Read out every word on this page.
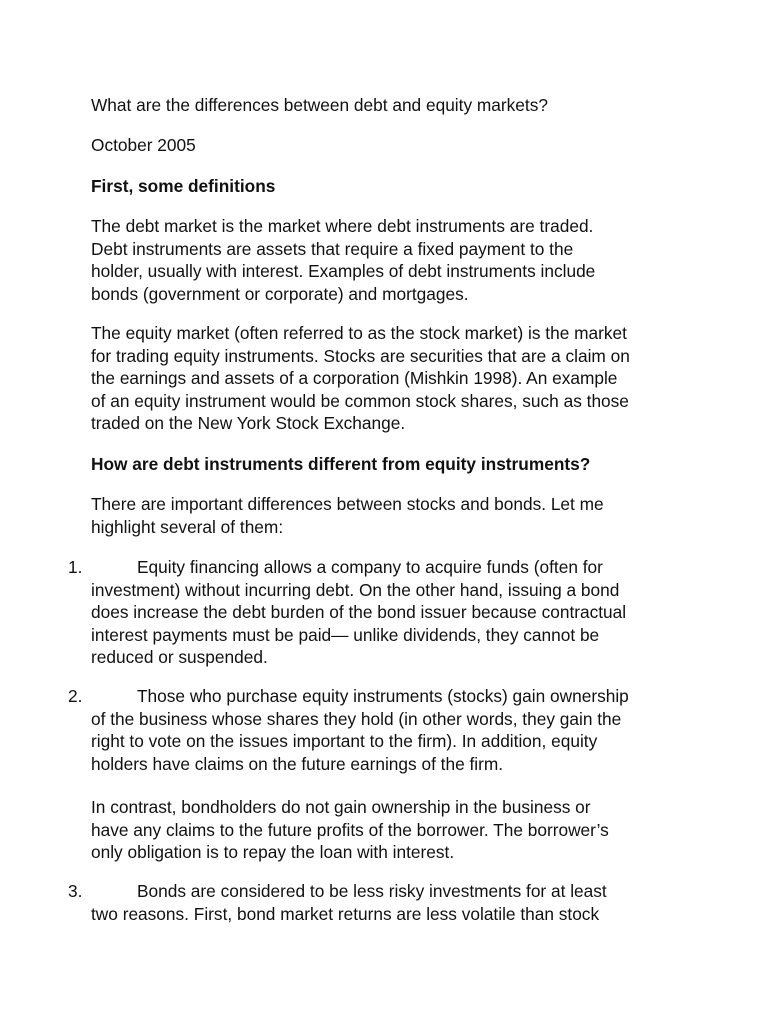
What are the differences between debt and equity markets?

October 2005

First, some definitions

The debt market is the market where debt instruments are traded.
Debt instruments are assets that require a fixed payment to the
holder, usually with interest. Examples of debt instruments include
bonds (government or corporate) and mortgages.

The equity market (often referred to as the stock market) is the market
for trading equity instruments. Stocks are securities that are a claim on
the earnings and assets of a corporation (Mishkin 1998). An example
of an equity instrument would be common stock shares, such as those
traded on the New York Stock Exchange.

How are debt instruments different from equity instruments?

There are important differences between stocks and bonds. Let me
highlight several of them:

1.	Equity financing allows a company to acquire funds (often for
investment) without incurring debt. On the other hand, issuing a bond
does increase the debt burden of the bond issuer because contractual
interest payments must be paid— unlike dividends, they cannot be
reduced or suspended.

2.	Those who purchase equity instruments (stocks) gain ownership
of the business whose shares they hold (in other words, they gain the
right to vote on the issues important to the firm). In addition, equity
holders have claims on the future earnings of the firm.

In contrast, bondholders do not gain ownership in the business or
have any claims to the future profits of the borrower. The borrower’s
only obligation is to repay the loan with interest.

3.	Bonds are considered to be less risky investments for at least
two reasons. First, bond market returns are less volatile than stock
